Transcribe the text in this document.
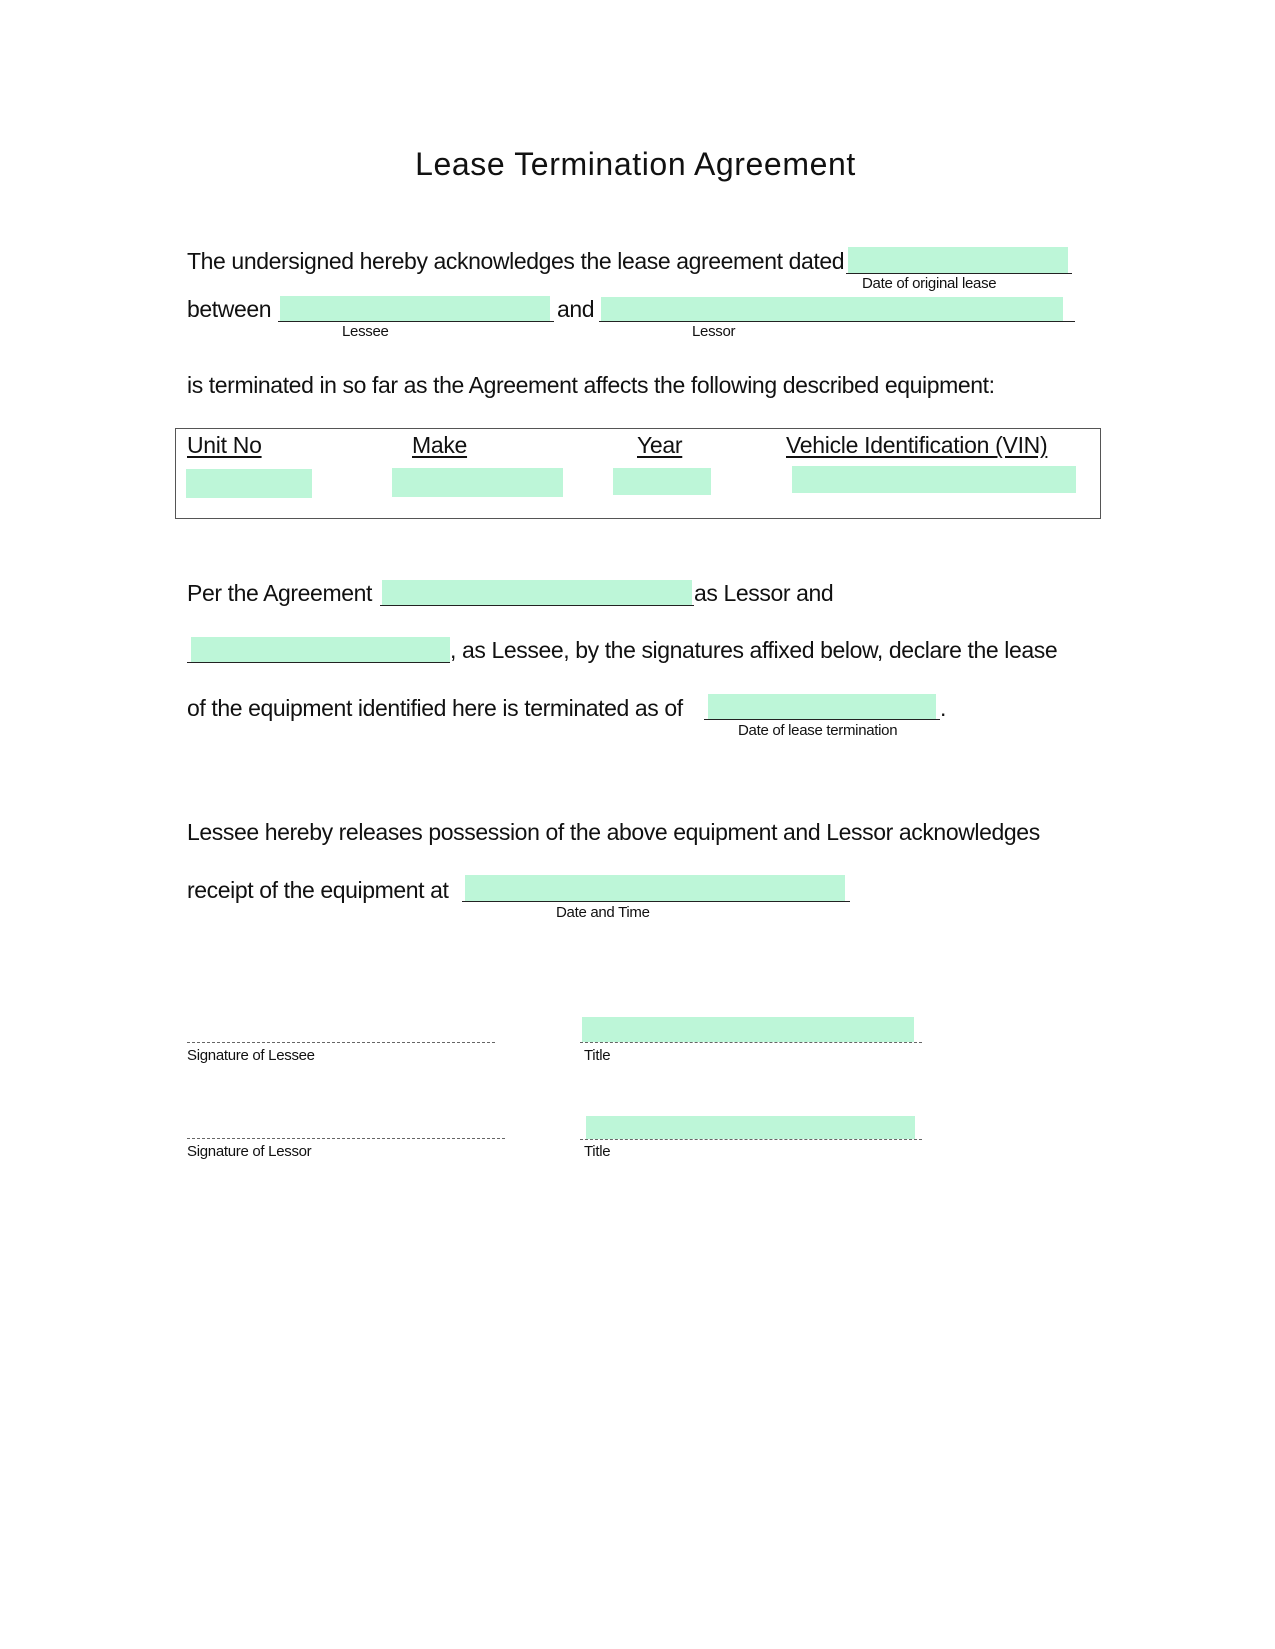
Lease Termination Agreement
The undersigned hereby acknowledges the lease agreement dated
Date of original lease
between	and
Lessee	Lessor
is terminated in so far as the Agreement affects the following described equipment:
Unit No	Make	Year	Vehicle Identification (VIN)
Per the Agreement	as Lessor and
, as Lessee, by the signatures affixed below, declare the lease
of the equipment identified here is terminated as of	.
Date of lease termination
Lessee hereby releases possession of the above equipment and Lessor acknowledges
receipt of the equipment at
Date and Time
Signature of Lessee	Title
Signature of Lessor	Title
